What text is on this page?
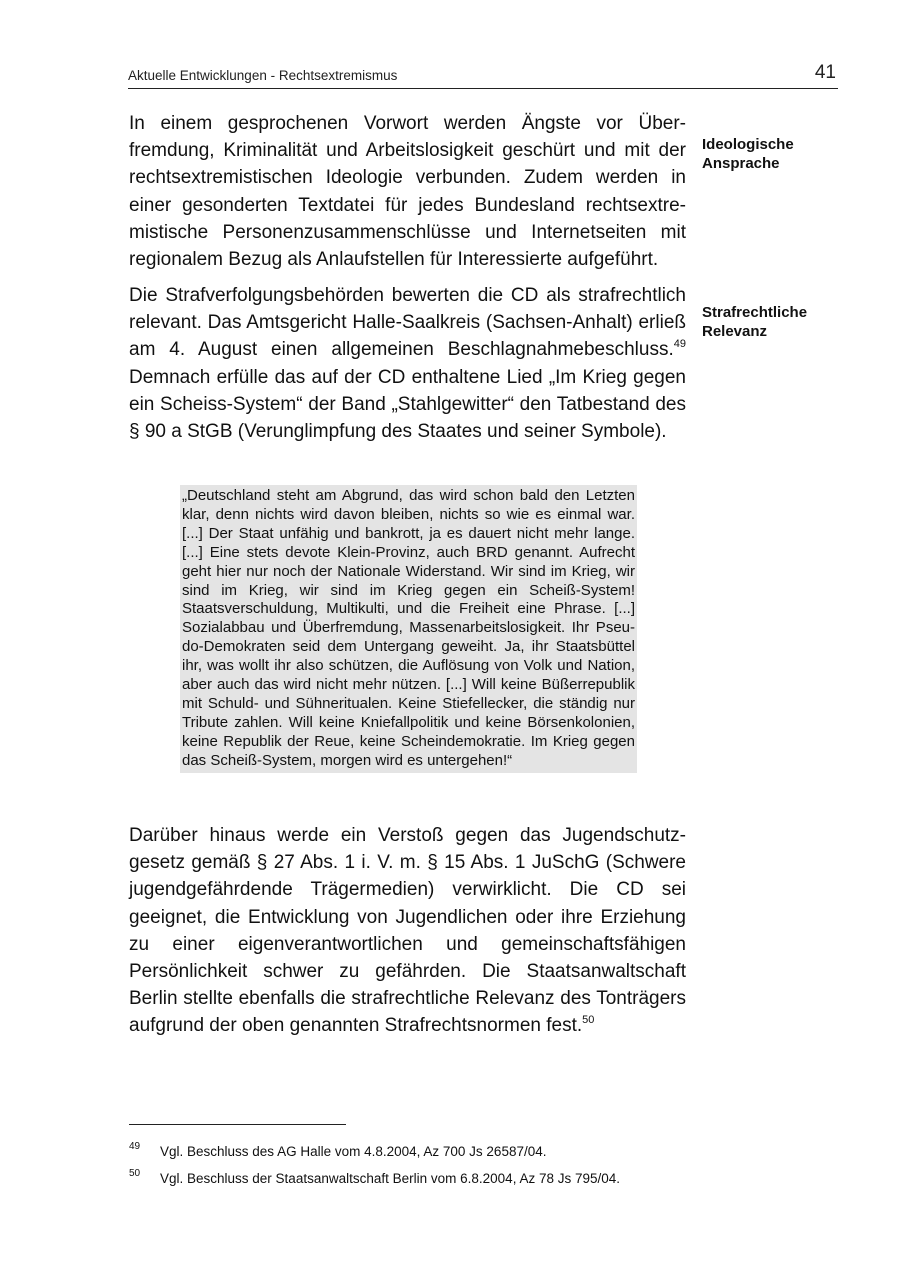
Aktuelle Entwicklungen - Rechtsextremismus	41

In einem gesprochenen Vorwort werden Ängste vor Überfremdung, Kriminalität und Arbeitslosigkeit geschürt und mit der rechtsextremistischen Ideologie verbunden. Zudem werden in einer gesonderten Textdatei für jedes Bundesland rechtsextremistische Personenzusammenschlüsse und Internetseiten mit regionalem Bezug als Anlaufstellen für Interessierte aufgeführt.

Ideologische Ansprache

Die Strafverfolgungsbehörden bewerten die CD als strafrechtlich relevant. Das Amtsgericht Halle-Saalkreis (Sachsen-Anhalt) erließ am 4. August einen allgemeinen Beschlagnahmebeschluss.$^{49}$ Demnach erfülle das auf der CD enthaltene Lied „Im Krieg gegen ein Scheiss-System“ der Band „Stahlgewitter“ den Tatbestand des § 90 a StGB (Verunglimpfung des Staates und seiner Symbole).

Strafrechtliche Relevanz

„Deutschland steht am Abgrund, das wird schon bald den Letzten klar, denn nichts wird davon bleiben, nichts so wie es einmal war. [...] Der Staat unfähig und bankrott, ja es dauert nicht mehr lange. [...] Eine stets devote Klein-Provinz, auch BRD genannt. Aufrecht geht hier nur noch der Nationale Widerstand. Wir sind im Krieg, wir sind im Krieg, wir sind im Krieg gegen ein Scheiß-System! Staatsverschuldung, Multikulti, und die Freiheit eine Phrase. [...] Sozialabbau und Überfremdung, Massenarbeitslosigkeit. Ihr Pseudo-Demokraten seid dem Untergang geweiht. Ja, ihr Staatsbüttel ihr, was wollt ihr also schützen, die Auflösung von Volk und Nation, aber auch das wird nicht mehr nützen. [...] Will keine Büßerrepublik mit Schuld- und Sühneritualen. Keine Stiefellecker, die ständig nur Tribute zahlen. Will keine Kniefallpolitik und keine Börsenkolonien, keine Republik der Reue, keine Scheindemokratie. Im Krieg gegen das Scheiß-System, morgen wird es untergehen!“

Darüber hinaus werde ein Verstoß gegen das Jugendschutzgesetz gemäß § 27 Abs. 1 i. V. m. § 15 Abs. 1 JuSchG (Schwere jugendgefährdende Trägermedien) verwirklicht. Die CD sei geeignet, die Entwicklung von Jugendlichen oder ihre Erziehung zu einer eigenverantwortlichen und gemeinschaftsfähigen Persönlichkeit schwer zu gefährden. Die Staatsanwaltschaft Berlin stellte ebenfalls die strafrechtliche Relevanz des Tonträgers aufgrund der oben genannten Strafrechtsnormen fest.$^{50}$

49 Vgl. Beschluss des AG Halle vom 4.8.2004, Az 700 Js 26587/04.
50 Vgl. Beschluss der Staatsanwaltschaft Berlin vom 6.8.2004, Az 78 Js 795/04.
